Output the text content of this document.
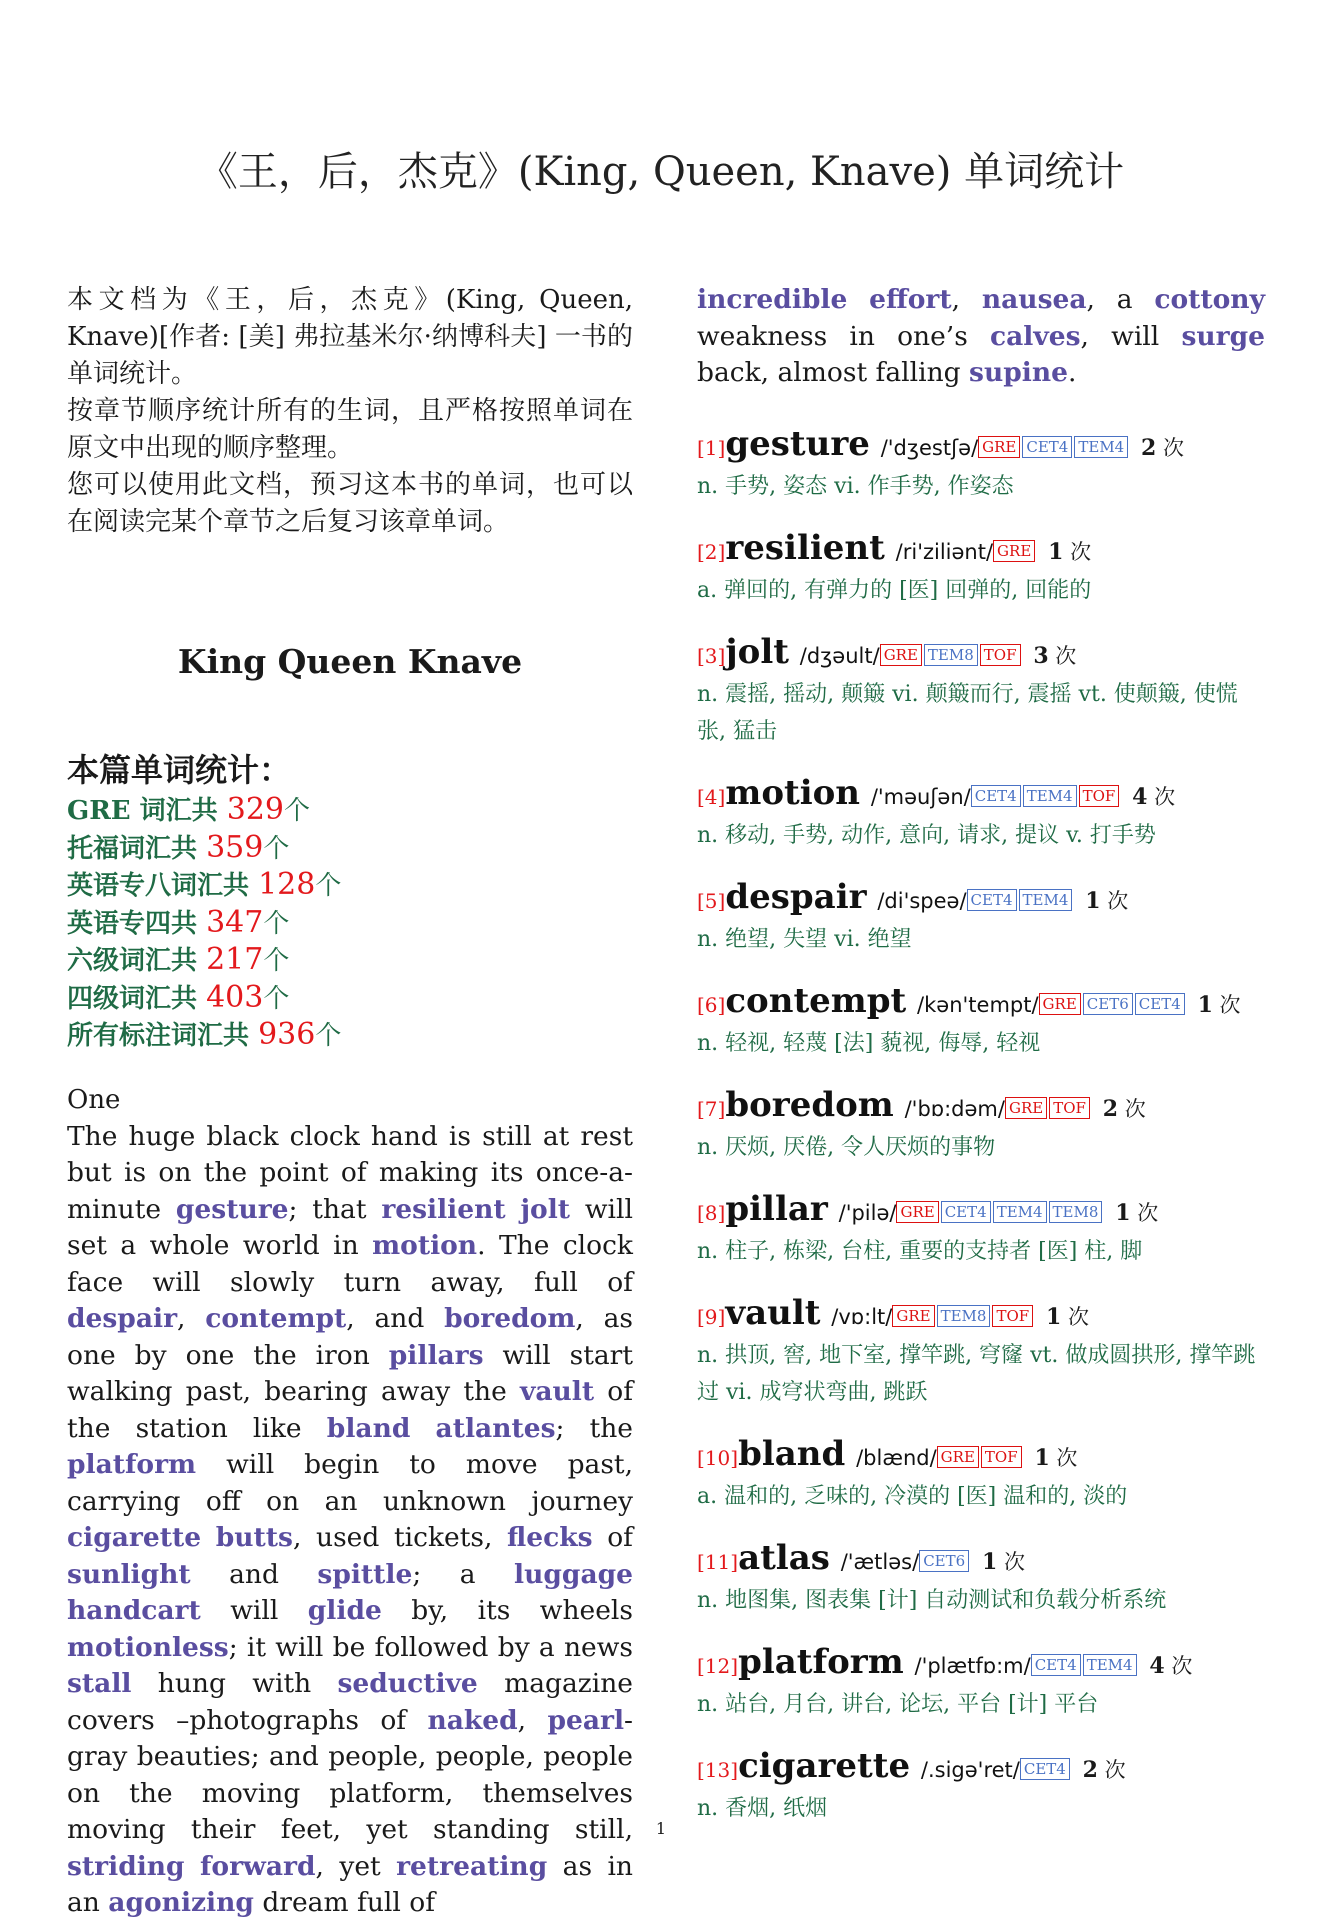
《王，后，杰克》(King, Queen, Knave) 单词统计

本文档为《王，后，杰克》(King, Queen, Knave)[作者: [美] 弗拉基米尔·纳博科夫] 一书的单词统计。

按章节顺序统计所有的生词，且严格按照单词在原文中出现的顺序整理。

您可以使用此文档，预习这本书的单词，也可以在阅读完某个章节之后复习该章单词。

King Queen Knave
本篇单词统计：
GRE 词汇共 329个
托福词汇共 359个
英语专八词汇共 128个
英语专四共 347个
六级词汇共 217个
四级词汇共 403个
所有标注词汇共 936个
One

The huge black clock hand is still at rest but is on the point of making its once-a-minute gesture; that resilient jolt will set a whole world in motion. The clock face will slowly turn away, full of despair, contempt, and boredom, as one by one the iron pillars will start walking past, bearing away the vault of the station like bland atlantes; the platform will begin to move past, carrying off on an unknown journey cigarette butts, used tickets, flecks of sunlight and spittle; a luggage handcart will glide by, its wheels motionless; it will be followed by a news stall hung with seductive magazine covers –photographs of naked, pearl-gray beauties; and people, people, people on the moving platform, themselves moving their feet, yet standing still, striding forward, yet retreating as in an agonizing dream full of

incredible effort, nausea, a cottony weakness in one’s calves, will surge back, almost falling supine.

[1]gesture /'dʒestʃə/ GRE CET4 TEM4 2 次
n. 手势, 姿态 vi. 作手势, 作姿态
[2]resilient /ri'ziliənt/ GRE 1 次
a. 弹回的, 有弹力的 [医] 回弹的, 回能的
[3]jolt /dʒəult/ GRE TEM8 TOF 3 次
n. 震摇, 摇动, 颠簸 vi. 颠簸而行, 震摇 vt. 使颠簸, 使慌张, 猛击
[4]motion /'məuʃən/ CET4 TEM4 TOF 4 次
n. 移动, 手势, 动作, 意向, 请求, 提议 v. 打手势
[5]despair /di'speə/ CET4 TEM4 1 次
n. 绝望, 失望 vi. 绝望
[6]contempt /kən'tempt/ GRE CET6 CET4 1 次
n. 轻视, 轻蔑 [法] 藐视, 侮辱, 轻视
[7]boredom /'bɒ:dəm/ GRE TOF 2 次
n. 厌烦, 厌倦, 令人厌烦的事物
[8]pillar /'pilə/ GRE CET4 TEM4 TEM8 1 次
n. 柱子, 栋梁, 台柱, 重要的支持者 [医] 柱, 脚
[9]vault /vɒ:lt/ GRE TEM8 TOF 1 次
n. 拱顶, 窖, 地下室, 撑竿跳, 穹窿 vt. 做成圆拱形, 撑竿跳过 vi. 成穹状弯曲, 跳跃
[10]bland /blænd/ GRE TOF 1 次
a. 温和的, 乏味的, 冷漠的 [医] 温和的, 淡的
[11]atlas /'ætləs/ CET6 1 次
n. 地图集, 图表集 [计] 自动测试和负载分析系统
[12]platform /'plætfɒ:m/ CET4 TEM4 4 次
n. 站台, 月台, 讲台, 论坛, 平台 [计] 平台
[13]cigarette /.sigə'ret/ CET4 2 次
n. 香烟, 纸烟
1
